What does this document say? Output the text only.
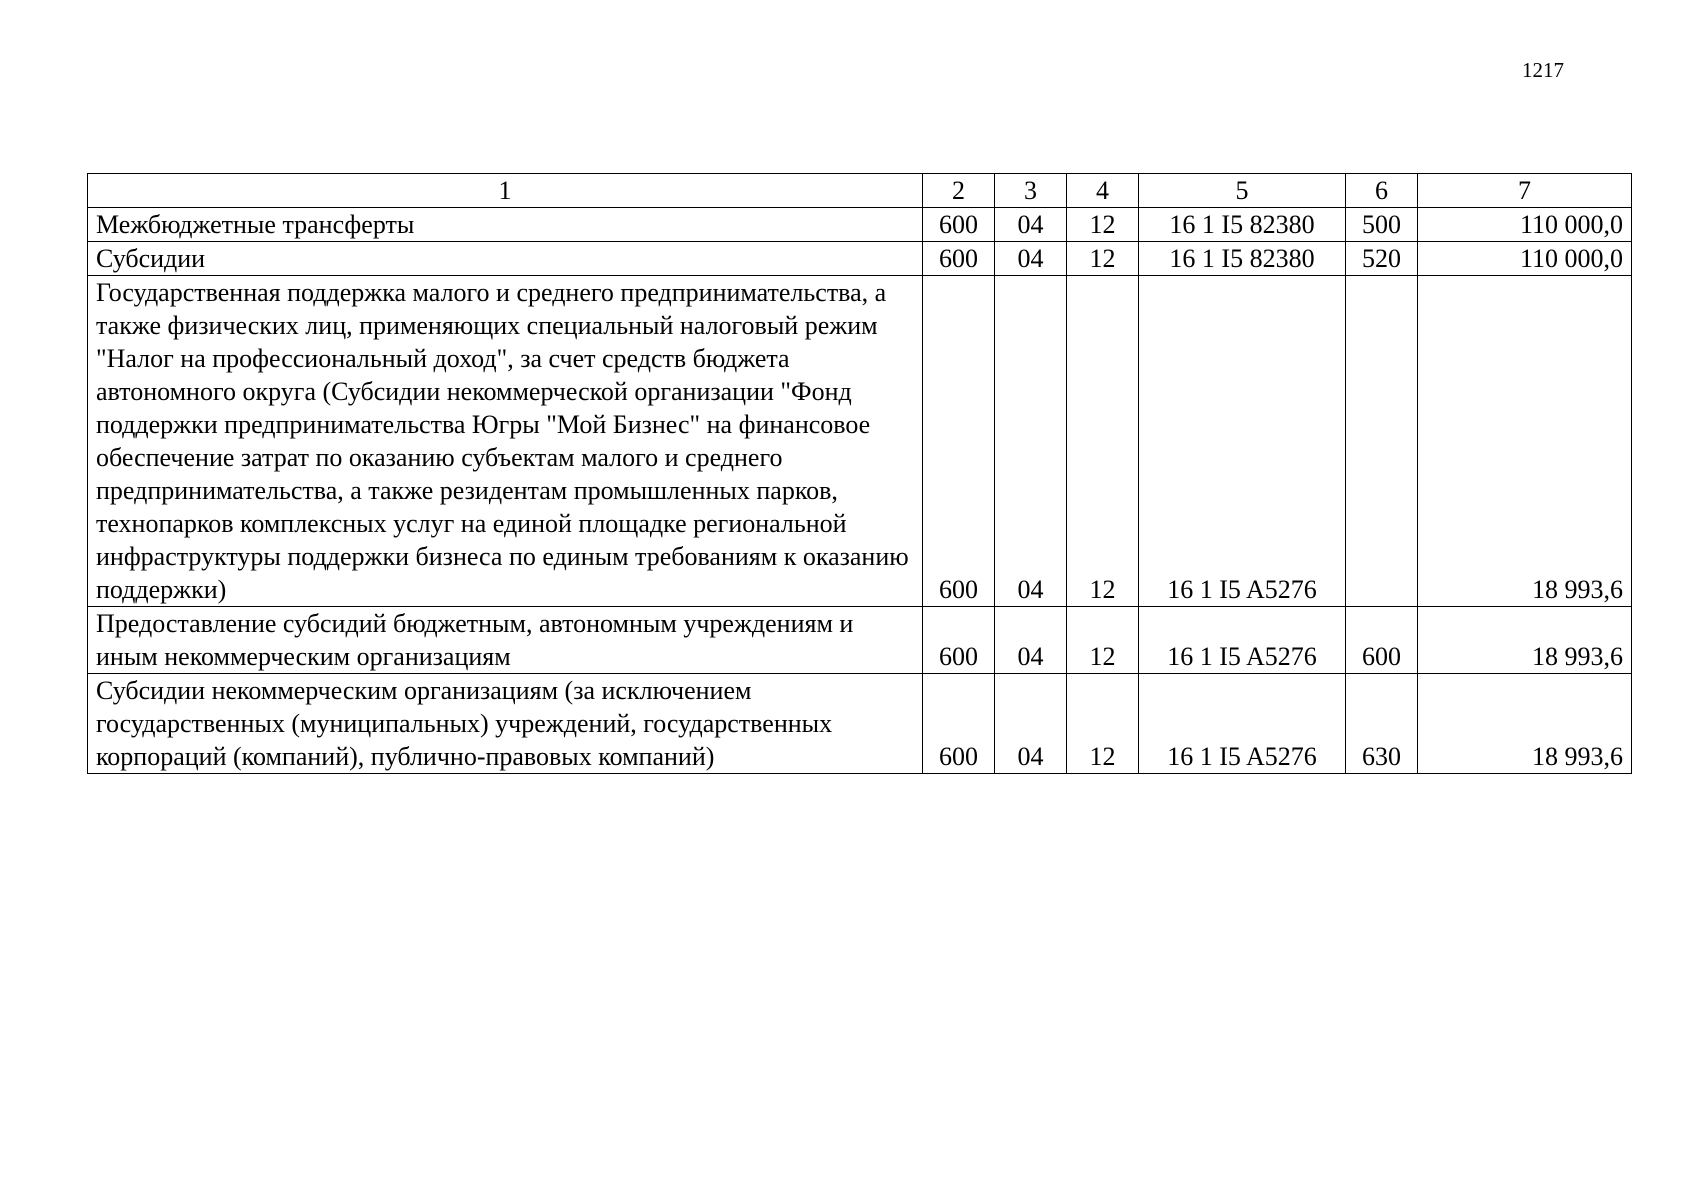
1217
1	2	3	4	5	6	7
Межбюджетные трансферты	600	04	12	16 1 I5 82380	500	110 000,0
Субсидии	600	04	12	16 1 I5 82380	520	110 000,0
Государственная поддержка малого и среднего предпринимательства, а также физических лиц, применяющих специальный налоговый режим "Налог на профессиональный доход", за счет средств бюджета автономного округа (Субсидии некоммерческой организации "Фонд поддержки предпринимательства Югры "Мой Бизнес" на финансовое обеспечение затрат по оказанию субъектам малого и среднего предпринимательства, а также резидентам промышленных парков, технопарков комплексных услуг на единой площадке региональной инфраструктуры поддержки бизнеса по единым требованиям к оказанию поддержки)	600	04	12	16 1 I5 A5276		18 993,6
Предоставление субсидий бюджетным, автономным учреждениям и иным некоммерческим организациям	600	04	12	16 1 I5 A5276	600	18 993,6
Субсидии некоммерческим организациям (за исключением государственных (муниципальных) учреждений, государственных корпораций (компаний), публично-правовых компаний)	600	04	12	16 1 I5 A5276	630	18 993,6
